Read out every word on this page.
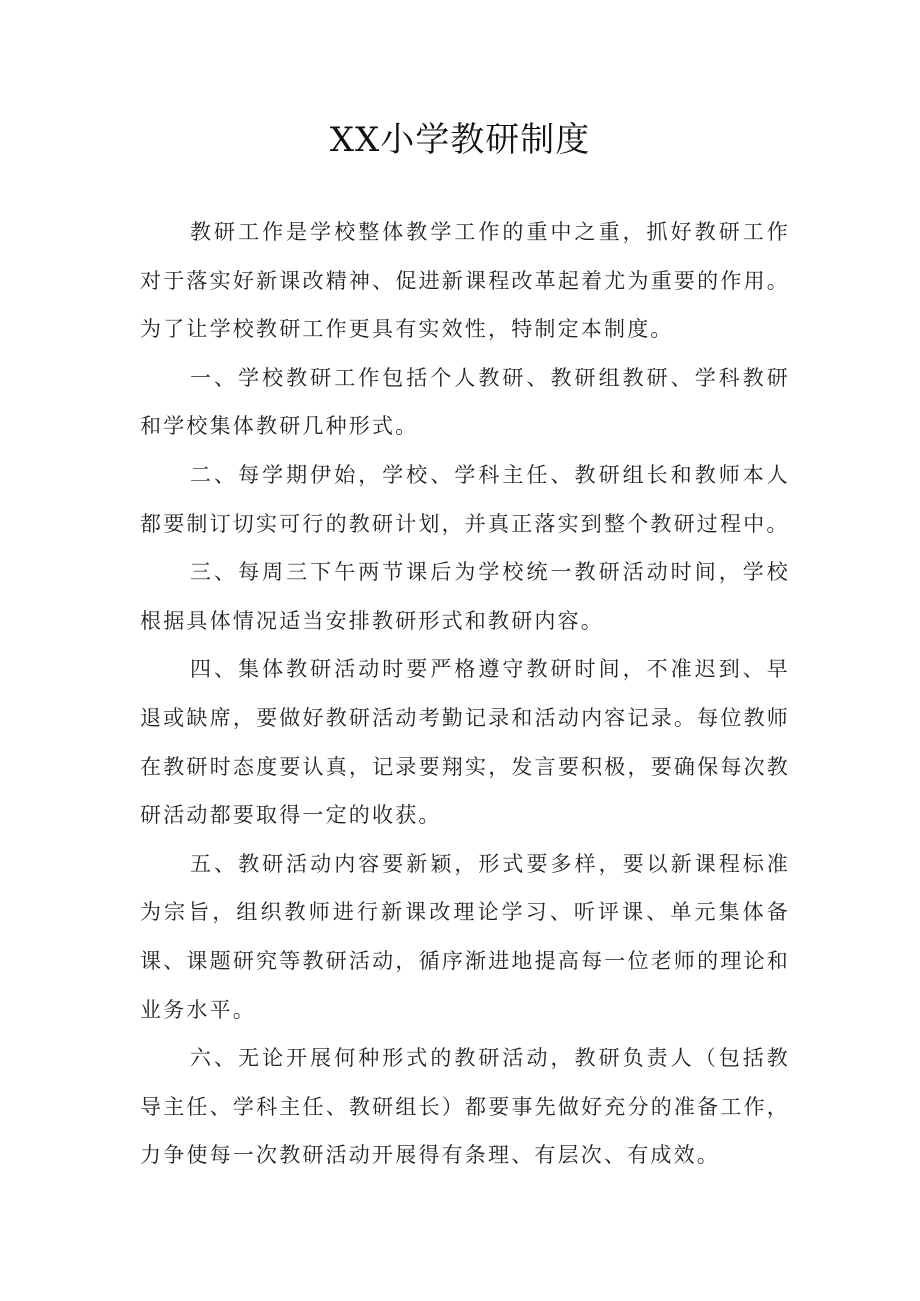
XX小学教研制度

教研工作是学校整体教学工作的重中之重，抓好教研工作对于落实好新课改精神、促进新课程改革起着尤为重要的作用。为了让学校教研工作更具有实效性，特制定本制度。

一、学校教研工作包括个人教研、教研组教研、学科教研和学校集体教研几种形式。

二、每学期伊始，学校、学科主任、教研组长和教师本人都要制订切实可行的教研计划，并真正落实到整个教研过程中。

三、每周三下午两节课后为学校统一教研活动时间，学校根据具体情况适当安排教研形式和教研内容。

四、集体教研活动时要严格遵守教研时间，不准迟到、早退或缺席，要做好教研活动考勤记录和活动内容记录。每位教师在教研时态度要认真，记录要翔实，发言要积极，要确保每次教研活动都要取得一定的收获。

五、教研活动内容要新颖，形式要多样，要以新课程标准为宗旨，组织教师进行新课改理论学习、听评课、单元集体备课、课题研究等教研活动，循序渐进地提高每一位老师的理论和业务水平。

六、无论开展何种形式的教研活动，教研负责人（包括教导主任、学科主任、教研组长）都要事先做好充分的准备工作，力争使每一次教研活动开展得有条理、有层次、有成效。
